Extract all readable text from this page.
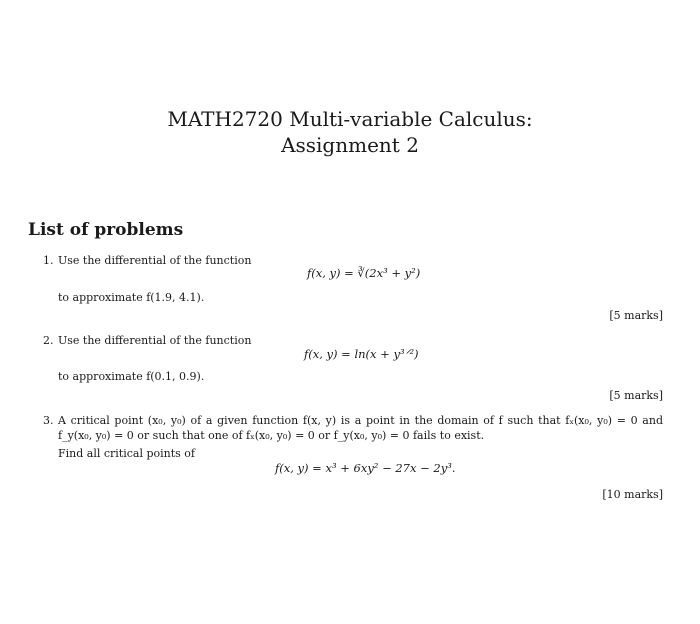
MATH2720 Multi-variable Calculus:
Assignment 2
List of problems
1. Use the differential of the function
f(x, y) = ∛(2x³ + y²)
to approximate f(1.9, 4.1).
[5 marks]
2. Use the differential of the function
f(x, y) = ln(x + y³ᐟ²)
to approximate f(0.1, 0.9).
[5 marks]
3. A critical point (x₀, y₀) of a given function f(x, y) is a point in the domain of f such that fₓ(x₀, y₀) = 0 and f_y(x₀, y₀) = 0 or such that one of fₓ(x₀, y₀) = 0 or f_y(x₀, y₀) = 0 fails to exist.
Find all critical points of
f(x, y) = x³ + 6xy² − 27x − 2y³.
[10 marks]
